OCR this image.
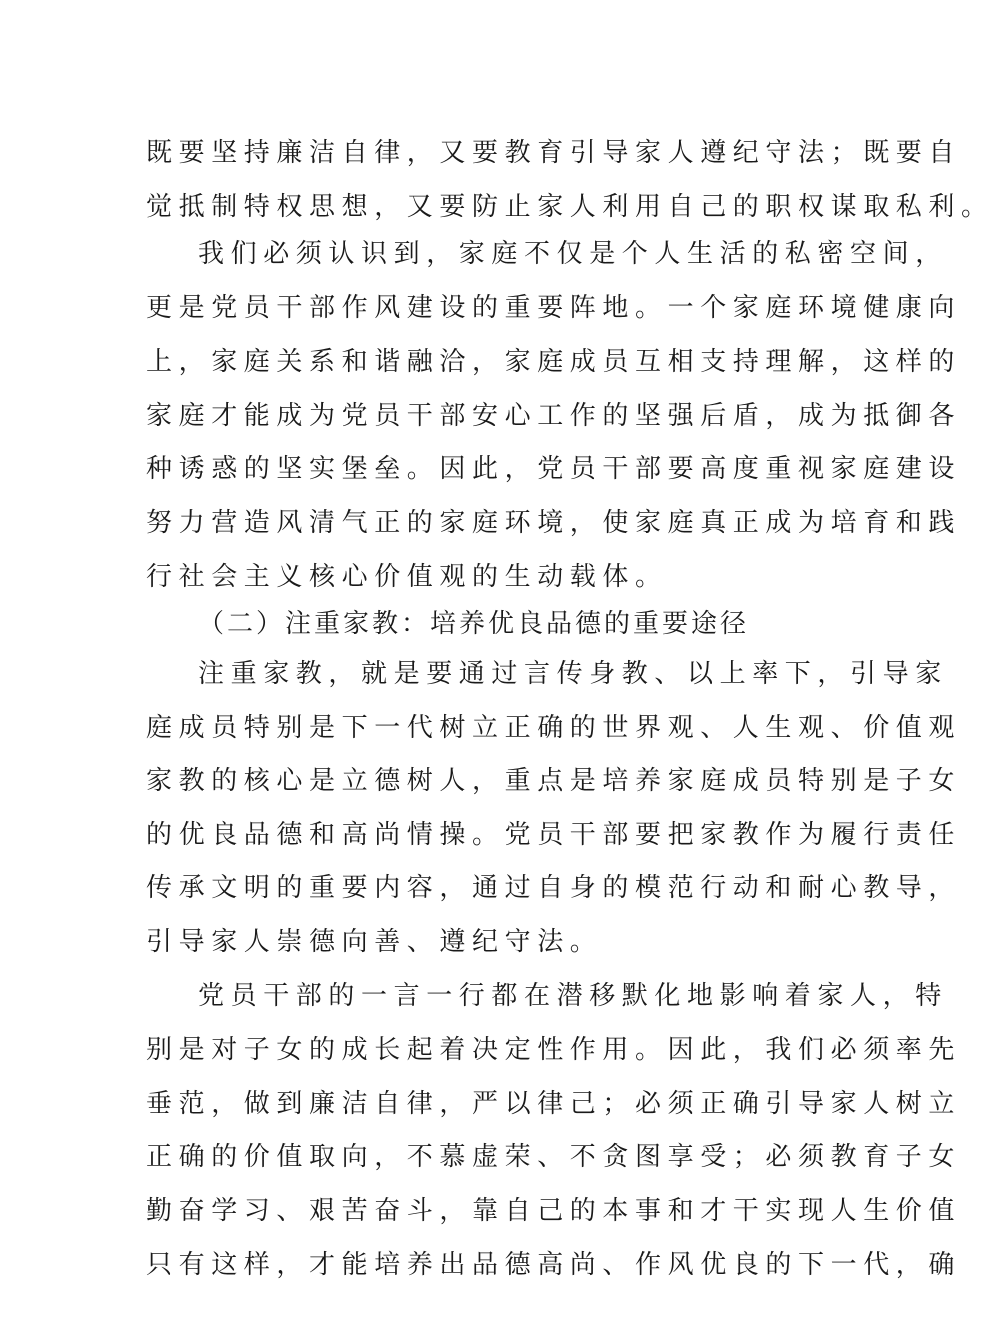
既要坚持廉洁自律，又要教育引导家人遵纪守法；既要自
觉抵制特权思想，又要防止家人利用自己的职权谋取私利。
我们必须认识到，家庭不仅是个人生活的私密空间，
更是党员干部作风建设的重要阵地。一个家庭环境健康向
上，家庭关系和谐融洽，家庭成员互相支持理解，这样的
家庭才能成为党员干部安心工作的坚强后盾，成为抵御各
种诱惑的坚实堡垒。因此，党员干部要高度重视家庭建设
努力营造风清气正的家庭环境，使家庭真正成为培育和践
行社会主义核心价值观的生动载体。
（二）注重家教：培养优良品德的重要途径
注重家教，就是要通过言传身教、以上率下，引导家
庭成员特别是下一代树立正确的世界观、人生观、价值观
家教的核心是立德树人，重点是培养家庭成员特别是子女
的优良品德和高尚情操。党员干部要把家教作为履行责任
传承文明的重要内容，通过自身的模范行动和耐心教导，
引导家人崇德向善、遵纪守法。
党员干部的一言一行都在潜移默化地影响着家人，特
别是对子女的成长起着决定性作用。因此，我们必须率先
垂范，做到廉洁自律，严以律己；必须正确引导家人树立
正确的价值取向，不慕虚荣、不贪图享受；必须教育子女
勤奋学习、艰苦奋斗，靠自己的本事和才干实现人生价值
只有这样，才能培养出品德高尚、作风优良的下一代，确
